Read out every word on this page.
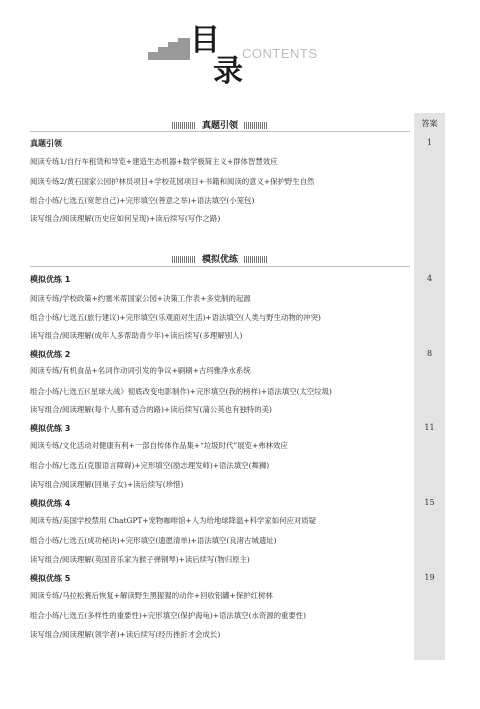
目
录
CONTENTS
答案
真题引领
真题引领	1
阅读专练1/自行车租赁和导览+建造生态机器+数学极简主义+群体智慧效应
阅读专练2/黄石国家公园护林员项目+学校花园项目+书籍和阅读的意义+保护野生自然
组合小练/七选五(宽恕自己)+完形填空(善意之举)+语法填空(小笼包)
读写组合/阅读理解(历史应如何呈现)+读后续写(写作之路)
模拟优练
模拟优练 1	4
阅读专练/学校政策+约塞米蒂国家公园+决策工作表+多党制的起源
组合小练/七选五(旅行建议)+完形填空(乐观面对生活)+语法填空(人类与野生动物的冲突)
读写组合/阅读理解(成年人多帮助青少年)+读后续写(多理解别人)
模拟优练 2	8
阅读专练/有机食品+名词作动词引发的争议+刷刷+古玛雅净水系统
组合小练/七选五(《星球大战》彻底改变电影制作)+完形填空(我的榜样)+语法填空(太空垃圾)
读写组合/阅读理解(每个人都有适合的路)+读后续写(蒲公英也有独特的美)
模拟优练 3	11
阅读专练/文化活动对健康有利+一部自传体作品集+“垃圾时代”展览+弗林效应
组合小练/七选五(克服语言障碍)+完形填空(励志理发师)+语法填空(舞狮)
读写组合/阅读理解(回巢子女)+读后续写(珍惜)
模拟优练 4	15
阅读专练/美国学校禁用 ChatGPT+宠物咖啡馆+人为给地球降温+科学家如何应对质疑
组合小练/七选五(成功秘诀)+完形填空(遗愿清单)+语法填空(良渚古城遗址)
读写组合/阅读理解(英国音乐家为猴子弹钢琴)+读后续写(物归原主)
模拟优练 5	19
阅读专练/马拉松赛后恢复+解读野生黑猩猩的动作+回收铝罐+保护红树林
组合小练/七选五(多样性的重要性)+完形填空(保护海龟)+语法填空(水资源的重要性)
读写组合/阅读理解(领学者)+读后续写(经历挫折才会成长)
